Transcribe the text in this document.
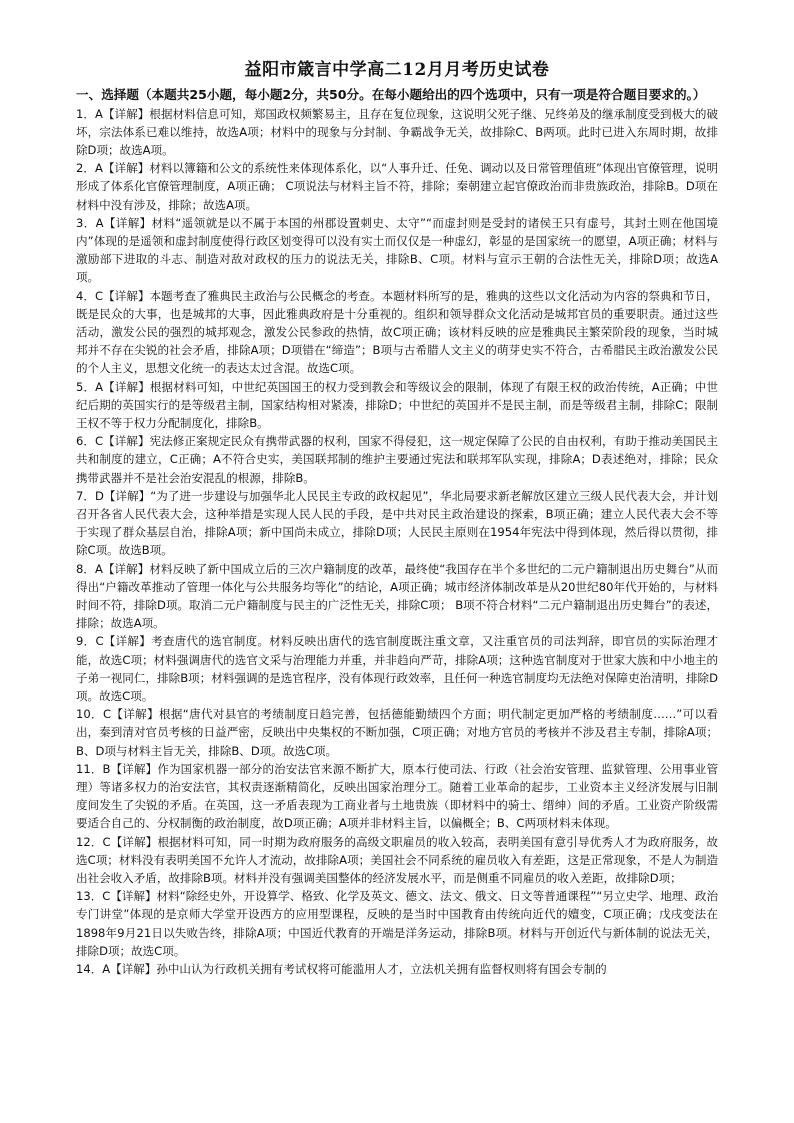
益阳市箴言中学高二12月月考历史试卷

一、选择题（本题共25小题，每小题2分，共50分。在每小题给出的四个选项中，只有一项是符合题目要求的。）

1．A【详解】根据材料信息可知，郑国政权频繁易主，且存在复位现象，这说明父死子继、兄终弟及的继承制度受到极大的破坏，宗法体系已难以维持，故选A项；材料中的现象与分封制、争霸战争无关，故排除C、B两项。此时已进入东周时期，故排除D项；故选A项。

2．A【详解】材料以簿籍和公文的系统性来体现体系化，以“人事升迁、任免、调动以及日常管理值班”体现出官僚管理，说明形成了体系化官僚管理制度，A项正确； C项说法与材料主旨不符，排除；秦朝建立起官僚政治而非贵族政治，排除B。D项在材料中没有涉及，排除；故选A项。

3．A【详解】材料“遥领就是以不属于本国的州郡设置刺史、太守”“而虚封则是受封的诸侯王只有虚号，其封土则在他国境内”体现的是遥领和虚封制度使得行政区划变得可以没有实土而仅仅是一种虚幻，彰显的是国家统一的愿望，A项正确；材料与激励部下进取的斗志、制造对敌对政权的压力的说法无关，排除B、C项。材料与宣示王朝的合法性无关，排除D项；故选A项。

4．C【详解】本题考查了雅典民主政治与公民概念的考查。本题材料所写的是，雅典的这些以文化活动为内容的祭典和节日，既是民众的大事，也是城邦的大事，因此雅典政府是十分重视的。组织和领导群众文化活动是城邦官员的重要职责。通过这些活动，激发公民的强烈的城邦观念，激发公民参政的热情，故C项正确；该材料反映的应是雅典民主繁荣阶段的现象，当时城邦并不存在尖锐的社会矛盾，排除A项；D项错在“缔造”；B项与古希腊人文主义的萌芽史实不符合，古希腊民主政治激发公民的个人主义，思想文化统一的表达太过含混。故选C项。

5．A【详解】根据材料可知，中世纪英国国王的权力受到教会和等级议会的限制，体现了有限王权的政治传统，A正确；中世纪后期的英国实行的是等级君主制，国家结构相对紧凑，排除D；中世纪的英国并不是民主制，而是等级君主制，排除C；限制王权不等于权力分配制度化，排除B。

6．C【详解】宪法修正案规定民众有携带武器的权利，国家不得侵犯，这一规定保障了公民的自由权利，有助于推动美国民主共和制度的建立，C正确；A不符合史实，美国联邦制的维护主要通过宪法和联邦军队实现，排除A；D表述绝对，排除；民众携带武器并不是社会治安混乱的根源，排除B。

7．D【详解】“为了进一步建设与加强华北人民民主专政的政权起见”，华北局要求新老解放区建立三级人民代表大会，并计划召开各省人民代表大会，这种举措是实现人民人民的手段，是中共对民主政治建设的探索，B项正确；建立人民代表大会不等于实现了群众基层自治，排除A项；新中国尚未成立，排除D项；人民民主原则在1954年宪法中得到体现，然后得以贯彻，排除C项。故选B项。

8．A【详解】材料反映了新中国成立后的三次户籍制度的改革，最终使“我国存在半个多世纪的二元户籍制退出历史舞台”从而得出“户籍改革推动了管理一体化与公共服务均等化”的结论，A项正确；城市经济体制改革是从20世纪80年代开始的，与材料时间不符，排除D项。取消二元户籍制度与民主的广泛性无关，排除C项； B项不符合材料“二元户籍制退出历史舞台”的表述，排除；故选A项。

9．C【详解】考查唐代的选官制度。材料反映出唐代的选官制度既注重文章，又注重官员的司法判辞，即官员的实际治理才能，故选C项；材料强调唐代的选官文采与治理能力并重，并非趋向严苛，排除A项；这种选官制度对于世家大族和中小地主的子弟一视同仁，排除B项；材料强调的是选官程序，没有体现行政效率，且任何一种选官制度均无法绝对保障吏治清明，排除D项。故选C项。

10．C【详解】根据“唐代对县官的考绩制度日趋完善，包括德能勤绩四个方面；明代制定更加严格的考绩制度……”可以看出，秦到清对官员考核的日益严密，反映出中央集权的不断加强，C项正确；对地方官员的考核并不涉及君主专制，排除A项；B、D项与材料主旨无关，排除B、D项。故选C项。

11．B【详解】作为国家机器一部分的治安法官来源不断扩大，原本行使司法、行政（社会治安管理、监狱管理、公用事业管理）等诸多权力的治安法官，其权责逐渐精简化，反映出国家治理分工。随着工业革命的起步，工业资本主义经济发展与旧制度间发生了尖锐的矛盾。在英国，这一矛盾表现为工商业者与土地贵族（即材料中的骑士、缙绅）间的矛盾。工业资产阶级需要适合自己的、分权制衡的政治制度，故D项正确；A项并非材料主旨，以偏概全；B、C两项材料未体现。

12．C【详解】根据材料可知，同一时期为政府服务的高级文职雇员的收入较高，表明美国有意引导优秀人才为政府服务，故选C项；材料没有表明美国不允许人才流动，故排除A项；美国社会不同系统的雇员收入有差距，这是正常现象，不是人为制造出社会收入矛盾，故排除B项。材料并没有强调美国整体的经济发展水平，而是侧重不同雇员的收入差距，故排除D项；

13．C【详解】材料“除经史外，开设算学、格致、化学及英文、德文、法文、俄文、日文等普通课程”“另立史学、地理、政治专门讲堂”体现的是京师大学堂开设西方的应用型课程，反映的是当时中国教育由传统向近代的嬗变，C项正确；戊戌变法在1898年9月21日以失败告终，排除A项；中国近代教育的开端是洋务运动，排除B项。材料与开创近代与新体制的说法无关，排除D项；故选C项。

14．A【详解】孙中山认为行政机关拥有考试权将可能滥用人才，立法机关拥有监督权则将有国会专制的
